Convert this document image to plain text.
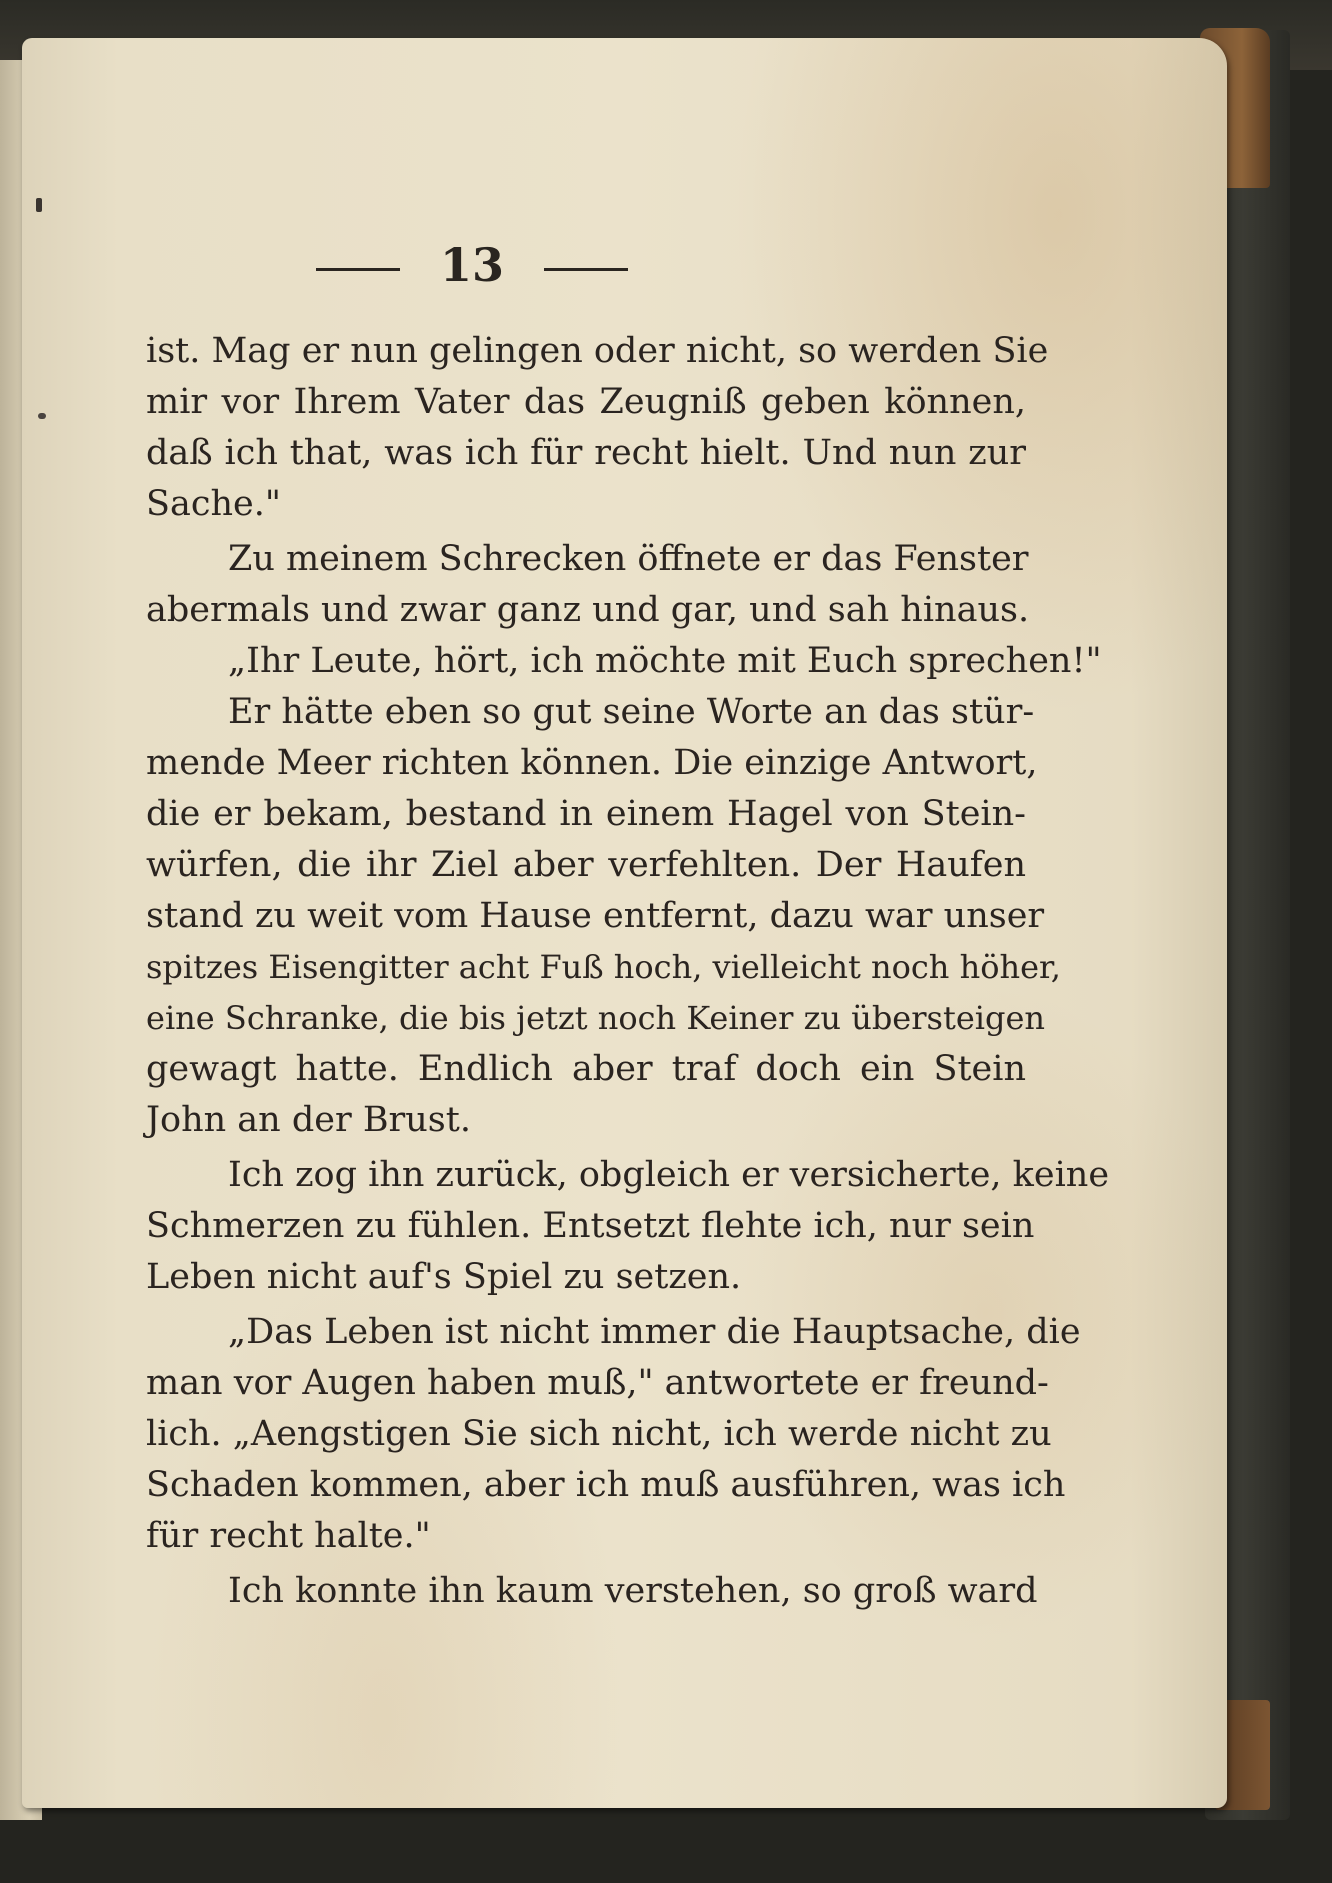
13
ist. Mag er nun gelingen oder nicht, so werden Sie
mir vor Ihrem Vater das Zeugniß geben können,
daß ich that, was ich für recht hielt. Und nun zur
Sache."
Zu meinem Schrecken öffnete er das Fenster
abermals und zwar ganz und gar, und sah hinaus.
„Ihr Leute, hört, ich möchte mit Euch sprechen!"
Er hätte eben so gut seine Worte an das stür-
mende Meer richten können. Die einzige Antwort,
die er bekam, bestand in einem Hagel von Stein-
würfen, die ihr Ziel aber verfehlten. Der Haufen
stand zu weit vom Hause entfernt, dazu war unser
spitzes Eisengitter acht Fuß hoch, vielleicht noch höher,
eine Schranke, die bis jetzt noch Keiner zu übersteigen
gewagt hatte. Endlich aber traf doch ein Stein
John an der Brust.
Ich zog ihn zurück, obgleich er versicherte, keine
Schmerzen zu fühlen. Entsetzt flehte ich, nur sein
Leben nicht auf's Spiel zu setzen.
„Das Leben ist nicht immer die Hauptsache, die
man vor Augen haben muß," antwortete er freund-
lich. „Aengstigen Sie sich nicht, ich werde nicht zu
Schaden kommen, aber ich muß ausführen, was ich
für recht halte."
Ich konnte ihn kaum verstehen, so groß ward
